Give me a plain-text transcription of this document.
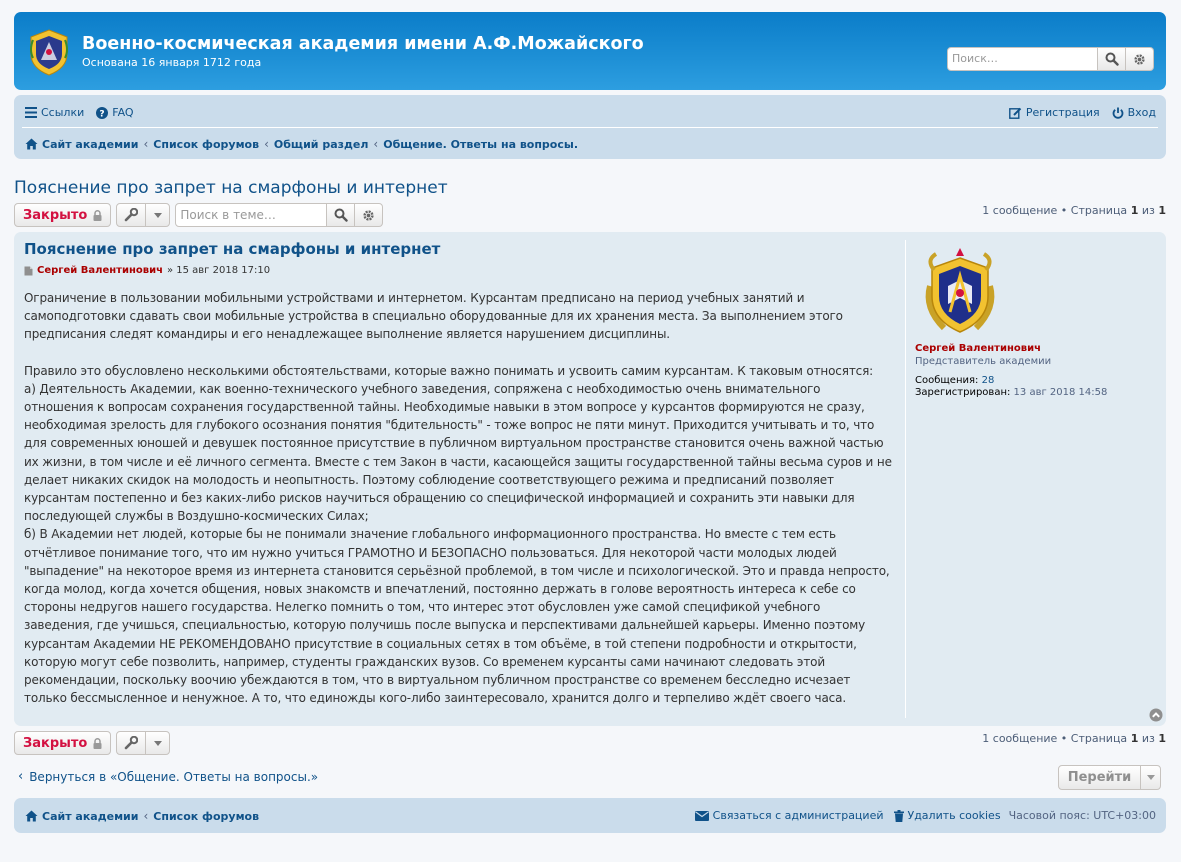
Военно-космическая академия имени А.Ф.Можайского
Основана 16 января 1712 года	Поиск…
Ссылки ? FAQ	Регистрация	Вход
Сайт академии ‹ Список форумов ‹ Общий раздел ‹ Общение. Ответы на вопросы.
Пояснение про запрет на смарфоны и интернет
Закрыто	Поиск в теме…	1 сообщение • Страница 1 из 1
Пояснение про запрет на смарфоны и интернет
Сергей Валентинович » 15 авг 2018 17:10

Ограничение в пользовании мобильными устройствами и интернетом. Курсантам предписано на период учебных занятий и самоподготовки сдавать свои мобильные устройства в специально оборудованные для их хранения места. За выполнением этого предписания следят командиры и его ненадлежащее выполнение является нарушением дисциплины.

Правило это обусловлено несколькими обстоятельствами, которые важно понимать и усвоить самим курсантам. К таковым относятся:

а) Деятельность Академии, как военно-технического учебного заведения, сопряжена с необходимостью очень внимательного отношения к вопросам сохранения государственной тайны. Необходимые навыки в этом вопросе у курсантов формируются не сразу, необходимая зрелость для глубокого осознания понятия "бдительность" - тоже вопрос не пяти минут. Приходится учитывать и то, что для современных юношей и девушек постоянное присутствие в публичном виртуальном пространстве становится очень важной частью их жизни, в том числе и её личного сегмента. Вместе с тем Закон в части, касающейся защиты государственной тайны весьма суров и не делает никаких скидок на молодость и неопытность. Поэтому соблюдение соответствующего режима и предписаний позволяет курсантам постепенно и без каких-либо рисков научиться обращению со специфической информацией и сохранить эти навыки для последующей службы в Воздушно-космических Силах;

б) В Академии нет людей, которые бы не понимали значение глобального информационного пространства. Но вместе с тем есть отчётливое понимание того, что им нужно учиться ГРАМОТНО И БЕЗОПАСНО пользоваться. Для некоторой части молодых людей "выпадение" на некоторое время из интернета становится серьёзной проблемой, в том числе и психологической. Это и правда непросто, когда молод, когда хочется общения, новых знакомств и впечатлений, постоянно держать в голове вероятность интереса к себе со стороны недругов нашего государства. Нелегко помнить о том, что интерес этот обусловлен уже самой спецификой учебного заведения, где учишься, специальностью, которую получишь после выпуска и перспективами дальнейшей карьеры. Именно поэтому курсантам Академии НЕ РЕКОМЕНДОВАНО присутствие в социальных сетях в том объёме, в той степени подробности и открытости, которую могут себе позволить, например, студенты гражданских вузов. Со временем курсанты сами начинают следовать этой рекомендации, поскольку воочию убеждаются в том, что в виртуальном публичном пространстве со временем бесследно исчезает только бессмысленное и ненужное. А то, что единожды кого-либо заинтересовало, хранится долго и терпеливо ждёт своего часа.

Сергей Валентинович
Представитель академии
Сообщения: 28
Зарегистрирован: 13 авг 2018 14:58
Закрыто	1 сообщение • Страница 1 из 1
‹ Вернуться в «Общение. Ответы на вопросы.»	Перейти
Сайт академии ‹ Список форумов	Связаться с администрацией Удалить cookies Часовой пояс: UTC+03:00
